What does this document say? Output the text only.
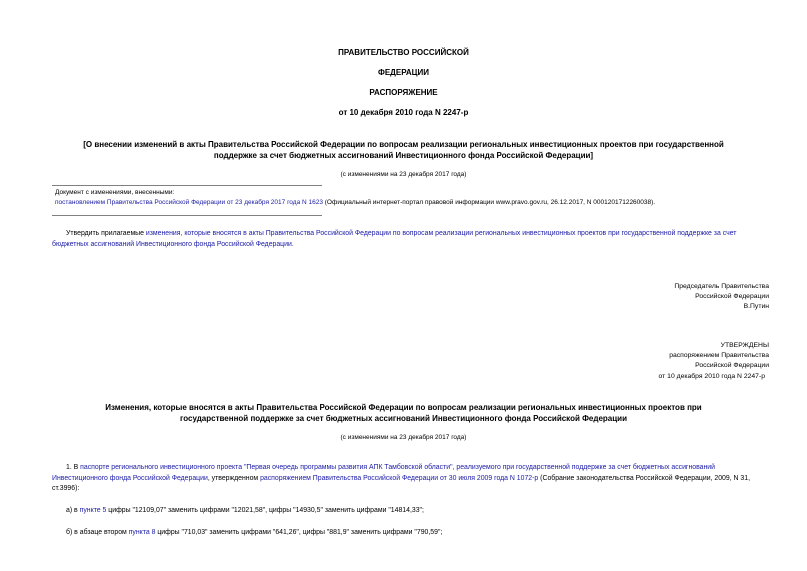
ПРАВИТЕЛЬСТВО РОССИЙСКОЙ
ФЕДЕРАЦИИ
РАСПОРЯЖЕНИЕ
от 10 декабря 2010 года N 2247-р
[О внесении изменений в акты Правительства Российской Федерации по вопросам реализации региональных инвестиционных проектов при государственной
поддержке за счет бюджетных ассигнований Инвестиционного фонда Российской Федерации]
(с изменениями на 23 декабря 2017 года)
Документ с изменениями, внесенными:
постановлением Правительства Российской Федерации от 23 декабря 2017 года N 1623 (Официальный интернет-портал правовой информации www.pravo.gov.ru, 26.12.2017, N 0001201712260038).
Утвердить прилагаемые изменения, которые вносятся в акты Правительства Российской Федерации по вопросам реализации региональных инвестиционных проектов при государственной поддержке за счет
бюджетных ассигнований Инвестиционного фонда Российской Федерации.
Председатель Правительства
Российской Федерации
В.Путин
УТВЕРЖДЕНЫ
распоряжением Правительства
Российской Федерации
от 10 декабря 2010 года N 2247-р
Изменения, которые вносятся в акты Правительства Российской Федерации по вопросам реализации региональных инвестиционных проектов при
государственной поддержке за счет бюджетных ассигнований Инвестиционного фонда Российской Федерации
(с изменениями на 23 декабря 2017 года)
1. В паспорте регионального инвестиционного проекта "Первая очередь программы развития АПК Тамбовской области", реализуемого при государственной поддержке за счет бюджетных ассигнований
Инвестиционного фонда Российской Федерации, утвержденном распоряжением Правительства Российской Федерации от 30 июля 2009 года N 1072-р (Собрание законодательства Российской Федерации, 2009, N 31,
ст.3996):
а) в пункте 5 цифры "12109,07" заменить цифрами "12021,58", цифры "14930,5" заменить цифрами "14814,33";
б) в абзаце втором пункта 8 цифры "710,03" заменить цифрами "641,26", цифры "881,9" заменить цифрами "790,59";
